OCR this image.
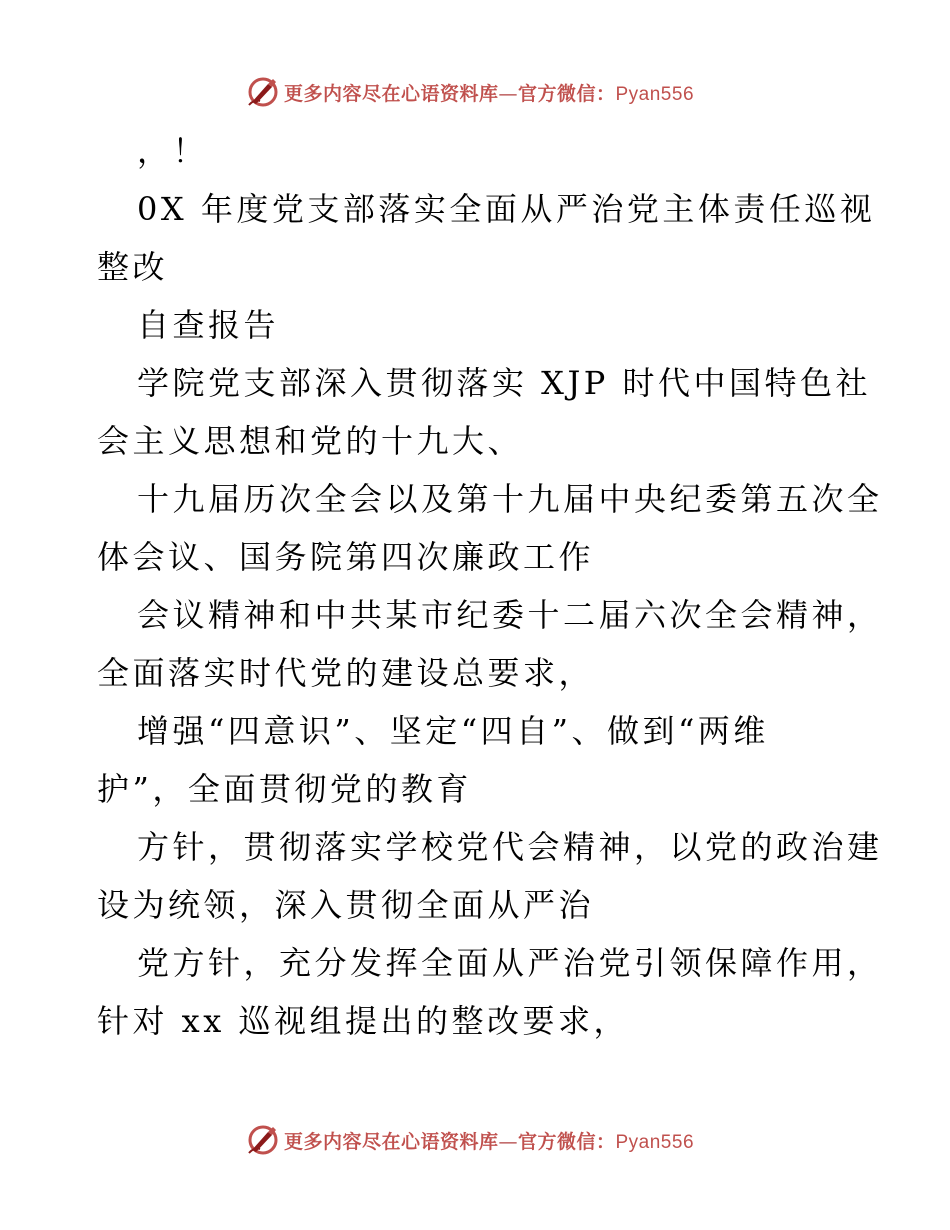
更多内容尽在心语资料库—官方微信：Pyan556
，！
0X 年度党支部落实全面从严治党主体责任巡视
整改
自查报告
学院党支部深入贯彻落实 XJP 时代中国特色社
会主义思想和党的十九大、
十九届历次全会以及第十九届中央纪委第五次全
体会议、国务院第四次廉政工作
会议精神和中共某市纪委十二届六次全会精神，
全面落实时代党的建设总要求，
增强“四意识”、坚定“四自”、做到“两维
护”，全面贯彻党的教育
方针，贯彻落实学校党代会精神，以党的政治建
设为统领，深入贯彻全面从严治
党方针，充分发挥全面从严治党引领保障作用，
针对 xx 巡视组提出的整改要求，
更多内容尽在心语资料库—官方微信：Pyan556
